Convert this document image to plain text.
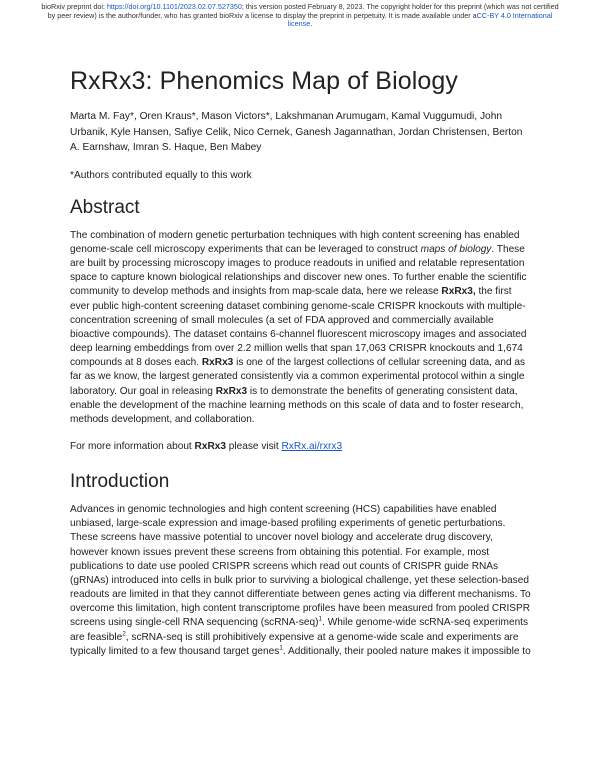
bioRxiv preprint doi: https://doi.org/10.1101/2023.02.07.527350; this version posted February 8, 2023. The copyright holder for this preprint (which was not certified by peer review) is the author/funder, who has granted bioRxiv a license to display the preprint in perpetuity. It is made available under aCC-BY 4.0 International license.
RxRx3: Phenomics Map of Biology

Marta M. Fay*, Oren Kraus*, Mason Victors*, Lakshmanan Arumugam, Kamal Vuggumudi, John Urbanik, Kyle Hansen, Safiye Celik, Nico Cernek, Ganesh Jagannathan, Jordan Christensen, Berton A. Earnshaw, Imran S. Haque, Ben Mabey

*Authors contributed equally to this work

Abstract

The combination of modern genetic perturbation techniques with high content screening has enabled genome-scale cell microscopy experiments that can be leveraged to construct maps of biology. These are built by processing microscopy images to produce readouts in unified and relatable representation space to capture known biological relationships and discover new ones. To further enable the scientific community to develop methods and insights from map-scale data, here we release RxRx3, the first ever public high-content screening dataset combining genome-scale CRISPR knockouts with multiple-concentration screening of small molecules (a set of FDA approved and commercially available bioactive compounds). The dataset contains 6-channel fluorescent microscopy images and associated deep learning embeddings from over 2.2 million wells that span 17,063 CRISPR knockouts and 1,674 compounds at 8 doses each. RxRx3 is one of the largest collections of cellular screening data, and as far as we know, the largest generated consistently via a common experimental protocol within a single laboratory. Our goal in releasing RxRx3 is to demonstrate the benefits of generating consistent data, enable the development of the machine learning methods on this scale of data and to foster research, methods development, and collaboration.

For more information about RxRx3 please visit RxRx.ai/rxrx3

Introduction

Advances in genomic technologies and high content screening (HCS) capabilities have enabled unbiased, large-scale expression and image-based profiling experiments of genetic perturbations. These screens have massive potential to uncover novel biology and accelerate drug discovery, however known issues prevent these screens from obtaining this potential. For example, most publications to date use pooled CRISPR screens which read out counts of CRISPR guide RNAs (gRNAs) introduced into cells in bulk prior to surviving a biological challenge, yet these selection-based readouts are limited in that they cannot differentiate between genes acting via different mechanisms. To overcome this limitation, high content transcriptome profiles have been measured from pooled CRISPR screens using single-cell RNA sequencing (scRNA-seq)$^1$. While genome-wide scRNA-seq experiments are feasible$^2$, scRNA-seq is still prohibitively expensive at a genome-wide scale and experiments are typically limited to a few thousand target genes$^1$. Additionally, their pooled nature makes it impossible to
